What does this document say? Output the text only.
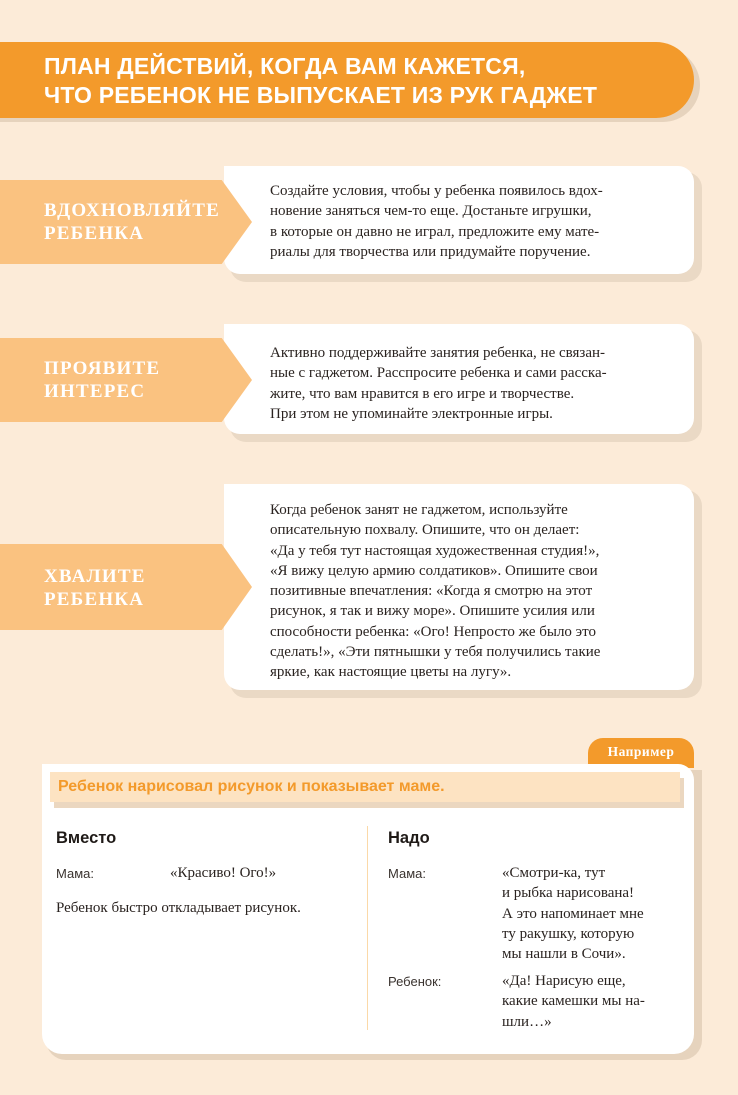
ПЛАН ДЕЙСТВИЙ, КОГДА ВАМ КАЖЕТСЯ,
ЧТО РЕБЕНОК НЕ ВЫПУСКАЕТ ИЗ РУК ГАДЖЕТ
ВДОХНОВЛЯЙТЕ
РЕБЕНКА
Создайте условия, чтобы у ребенка появилось вдох-
новение заняться чем-то еще. Достаньте игрушки,
в которые он давно не играл, предложите ему мате-
риалы для творчества или придумайте поручение.
ПРОЯВИТЕ
ИНТЕРЕС
Активно поддерживайте занятия ребенка, не связан-
ные с гаджетом. Расспросите ребенка и сами расска-
жите, что вам нравится в его игре и творчестве.
При этом не упоминайте электронные игры.
ХВАЛИТЕ
РЕБЕНКА
Когда ребенок занят не гаджетом, используйте
описательную похвалу. Опишите, что он делает:
«Да у тебя тут настоящая художественная студия!»,
«Я вижу целую армию солдатиков». Опишите свои
позитивные впечатления: «Когда я смотрю на этот
рисунок, я так и вижу море». Опишите усилия или
способности ребенка: «Ого! Непросто же было это
сделать!», «Эти пятнышки у тебя получились такие
яркие, как настоящие цветы на лугу».
Например
Ребенок нарисовал рисунок и показывает маме.
Вместо
Мама:	«Красиво! Ого!»
Ребенок быстро откладывает рисунок.
Надо
Мама:	«Смотри-ка, тут
и рыбка нарисована!
А это напоминает мне
ту ракушку, которую
мы нашли в Сочи».
Ребенок:	«Да! Нарисую еще,
какие камешки мы на-
шли…»
